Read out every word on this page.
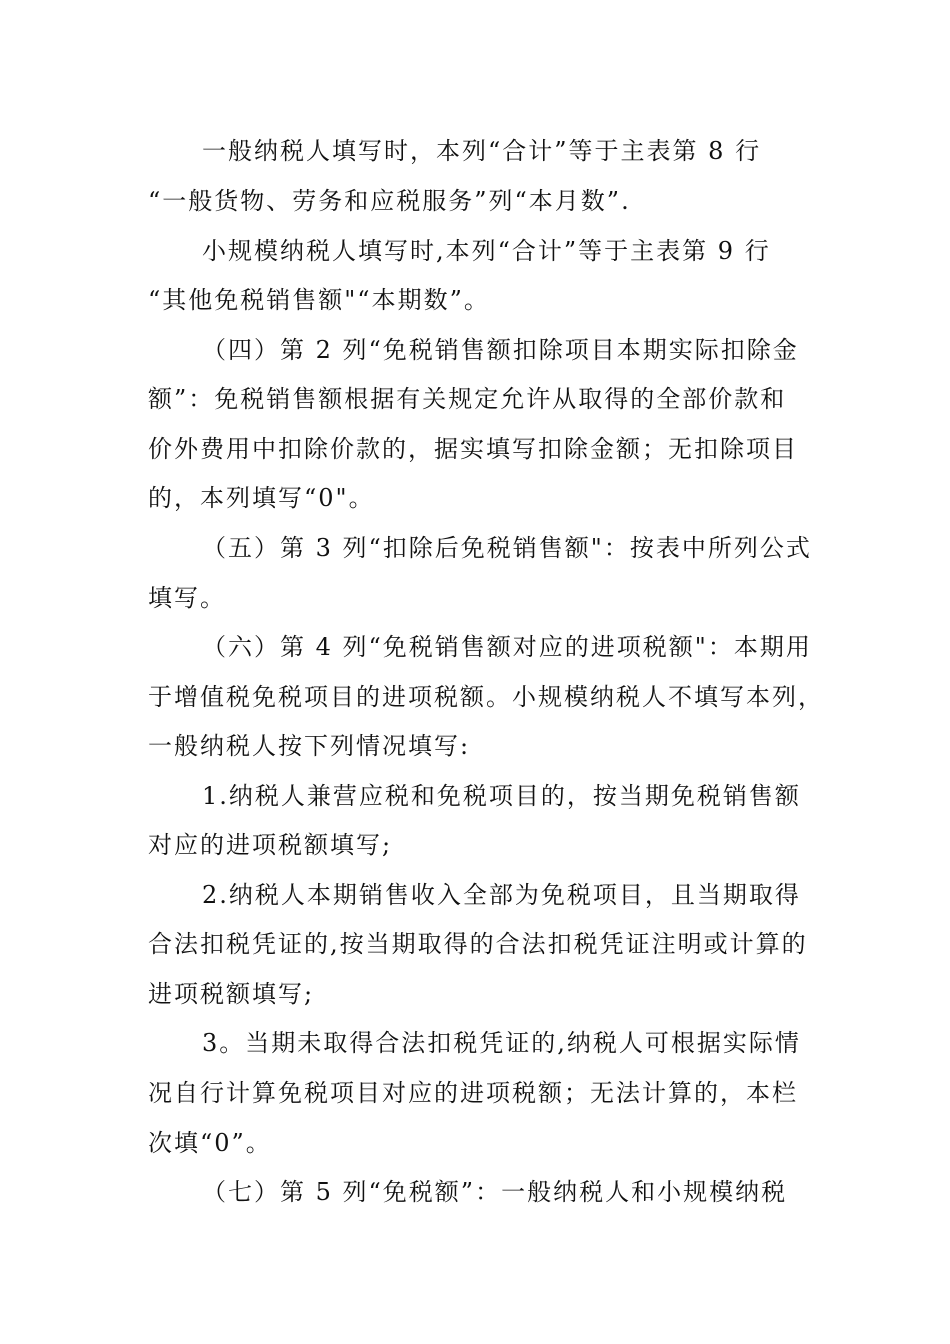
一般纳税人填写时，本列“合计”等于主表第 8 行

“一般货物、劳务和应税服务”列“本月数”.

小规模纳税人填写时,本列“合计”等于主表第 9 行

“其他免税销售额"“本期数”。

（四）第 2 列“免税销售额扣除项目本期实际扣除金

额”：免税销售额根据有关规定允许从取得的全部价款和

价外费用中扣除价款的，据实填写扣除金额；无扣除项目

的，本列填写“0"。

（五）第 3 列“扣除后免税销售额"：按表中所列公式

填写。

（六）第 4 列“免税销售额对应的进项税额"：本期用

于增值税免税项目的进项税额。小规模纳税人不填写本列，

一般纳税人按下列情况填写:

1.纳税人兼营应税和免税项目的，按当期免税销售额

对应的进项税额填写;

2.纳税人本期销售收入全部为免税项目，且当期取得

合法扣税凭证的,按当期取得的合法扣税凭证注明或计算的

进项税额填写;

3。当期未取得合法扣税凭证的,纳税人可根据实际情

况自行计算免税项目对应的进项税额；无法计算的，本栏

次填“0”。

（七）第 5 列“免税额”：一般纳税人和小规模纳税
